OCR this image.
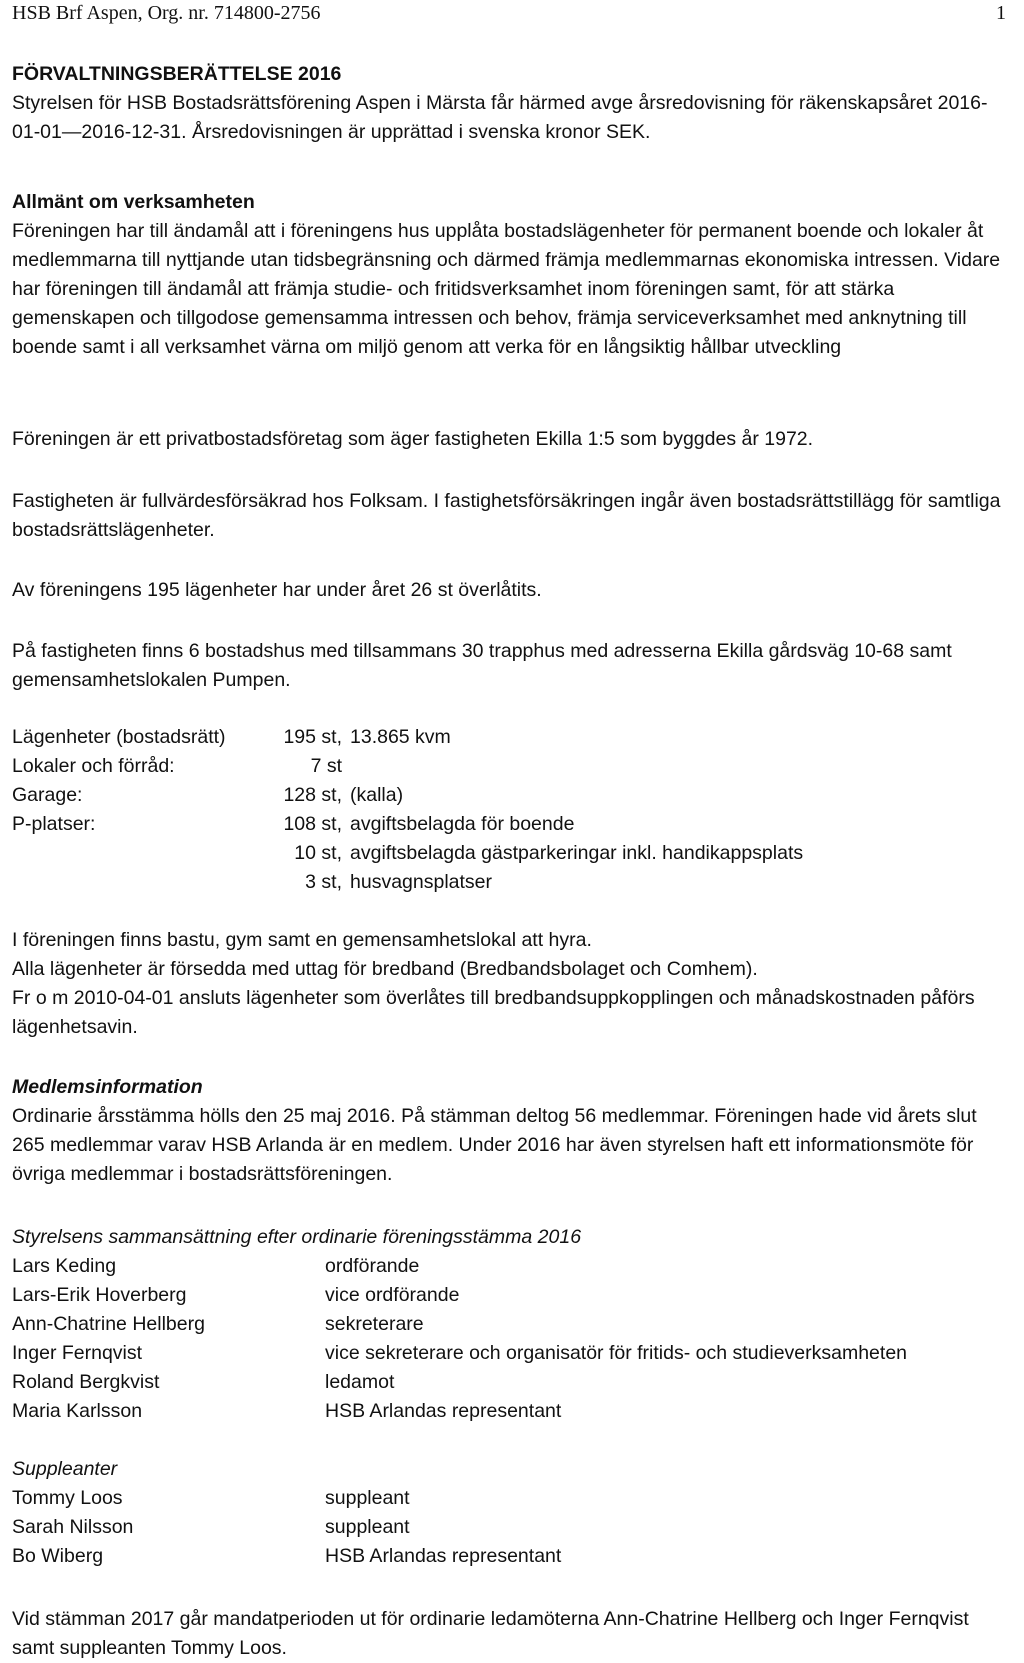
HSB Brf Aspen, Org. nr. 714800-2756	1

FÖRVALTNINGSBERÄTTELSE 2016

Styrelsen för HSB Bostadsrättsförening Aspen i Märsta får härmed avge årsredovisning för räkenskapsåret 2016-01-01—2016-12-31. Årsredovisningen är upprättad i svenska kronor SEK.

Allmänt om verksamheten

Föreningen har till ändamål att i föreningens hus upplåta bostadslägenheter för permanent boende och lokaler åt medlemmarna till nyttjande utan tidsbegränsning och därmed främja medlemmarnas ekonomiska intressen. Vidare har föreningen till ändamål att främja studie- och fritidsverksamhet inom föreningen samt, för att stärka gemenskapen och tillgodose gemensamma intressen och behov, främja serviceverksamhet med anknytning till boende samt i all verksamhet värna om miljö genom att verka för en långsiktig hållbar utveckling

Föreningen är ett privatbostadsföretag som äger fastigheten Ekilla 1:5 som byggdes år 1972.

Fastigheten är fullvärdesförsäkrad hos Folksam. I fastighetsförsäkringen ingår även bostadsrättstillägg för samtliga bostadsrättslägenheter.

Av föreningens 195 lägenheter har under året 26 st överlåtits.

På fastigheten finns 6 bostadshus med tillsammans 30 trapphus med adresserna Ekilla gårdsväg 10-68 samt gemensamhetslokalen Pumpen.

Lägenheter (bostadsrätt)	195 st, 13.865 kvm
Lokaler och förråd:	7 st
Garage:	128 st, (kalla)
P-platser:	108 st, avgiftsbelagda för boende
10 st, avgiftsbelagda gästparkeringar inkl. handikappsplats
3 st, husvagnsplatser

I föreningen finns bastu, gym samt en gemensamhetslokal att hyra.

Alla lägenheter är försedda med uttag för bredband (Bredbandsbolaget och Comhem).

Fr o m 2010-04-01 ansluts lägenheter som överlåtes till bredbandsuppkopplingen och månadskostnaden påförs lägenhetsavin.

Medlemsinformation

Ordinarie årsstämma hölls den 25 maj 2016. På stämman deltog 56 medlemmar. Föreningen hade vid årets slut 265 medlemmar varav HSB Arlanda är en medlem. Under 2016 har även styrelsen haft ett informationsmöte för övriga medlemmar i bostadsrättsföreningen.

Styrelsens sammansättning efter ordinarie föreningsstämma 2016

Lars Keding	ordförande
Lars-Erik Hoverberg	vice ordförande
Ann-Chatrine Hellberg	sekreterare
Inger Fernqvist	vice sekreterare och organisatör för fritids- och studieverksamheten
Roland Bergkvist	ledamot
Maria Karlsson	HSB Arlandas representant

Suppleanter

Tommy Loos	suppleant
Sarah Nilsson	suppleant
Bo Wiberg	HSB Arlandas representant

Vid stämman 2017 går mandatperioden ut för ordinarie ledamöterna Ann-Chatrine Hellberg och Inger Fernqvist samt suppleanten Tommy Loos.
